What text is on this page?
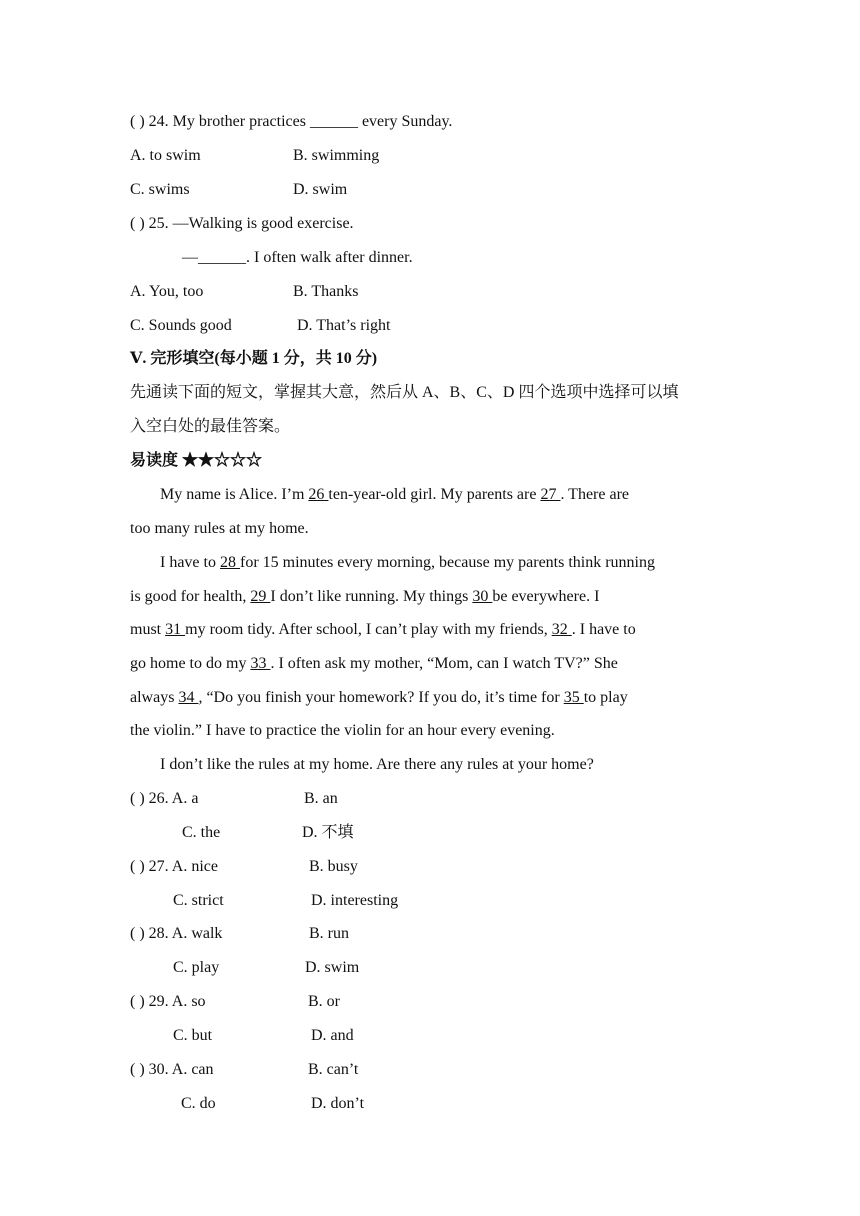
( ) 24. My brother practices ______ every Sunday.
A. to swim	B. swimming
C. swims	D. swim
( ) 25. —Walking is good exercise.
—______. I often walk after dinner.
A. You, too	B. Thanks
C. Sounds good	D. That’s right
Ⅴ. 完形填空(每小题 1 分，共 10 分)
先通读下面的短文，掌握其大意，然后从 A、B、C、D 四个选项中选择可以填
入空白处的最佳答案。
易读度 ★★☆☆☆
My name is Alice. I’m 26 ten-year-old girl. My parents are 27 . There are
too many rules at my home.
I have to 28 for 15 minutes every morning, because my parents think running
is good for health, 29 I don’t like running. My things 30 be everywhere. I
must 31 my room tidy. After school, I can’t play with my friends, 32 . I have to
go home to do my 33 . I often ask my mother, “Mom, can I watch TV?” She
always 34 , “Do you finish your homework? If you do, it’s time for 35 to play
the violin.” I have to practice the violin for an hour every evening.
I don’t like the rules at my home. Are there any rules at your home?
( ) 26. A. a	B. an
C. the	D. 不填
( ) 27. A. nice	B. busy
C. strict	D. interesting
( ) 28. A. walk	B. run
C. play	D. swim
( ) 29. A. so	B. or
C. but	D. and
( ) 30. A. can	B. can’t
C. do	D. don’t
